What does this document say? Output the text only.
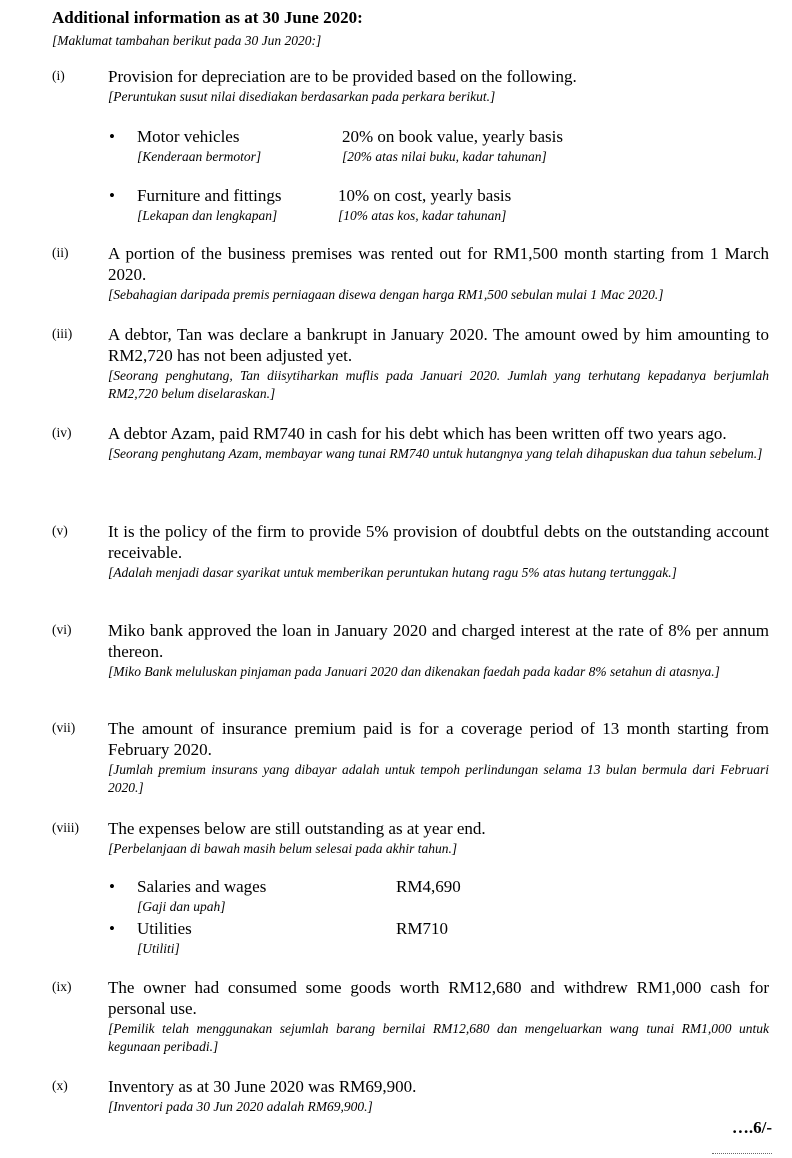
Additional information as at 30 June 2020:
[Maklumat tambahan berikut pada 30 Jun 2020:]
(i)	Provision for depreciation are to be provided based on the following.
[Peruntukan susut nilai disediakan berdasarkan pada perkara berikut.]
• Motor vehicles
[Kenderaan bermotor]
20% on book value, yearly basis
[20% atas nilai buku, kadar tahunan]
• Furniture and fittings
[Lekapan dan lengkapan]
10% on cost, yearly basis
[10% atas kos, kadar tahunan]
(ii)	A portion of the business premises was rented out for RM1,500 month starting from 1 March 2020.
[Sebahagian daripada premis perniagaan disewa dengan harga RM1,500 sebulan mulai 1 Mac 2020.]
(iii)	A debtor, Tan was declare a bankrupt in January 2020. The amount owed by him amounting to RM2,720 has not been adjusted yet.
[Seorang penghutang, Tan diisytiharkan muflis pada Januari 2020. Jumlah yang terhutang kepadanya berjumlah RM2,720 belum diselaraskan.]
(iv)	A debtor Azam, paid RM740 in cash for his debt which has been written off two years ago.
[Seorang penghutang Azam, membayar wang tunai RM740 untuk hutangnya yang telah dihapuskan dua tahun sebelum.]
(v)	It is the policy of the firm to provide 5% provision of doubtful debts on the outstanding account receivable.
[Adalah menjadi dasar syarikat untuk memberikan peruntukan hutang ragu 5% atas hutang tertunggak.]
(vi)	Miko bank approved the loan in January 2020 and charged interest at the rate of 8% per annum thereon.
[Miko Bank meluluskan pinjaman pada Januari 2020 dan dikenakan faedah pada kadar 8% setahun di atasnya.]
(vii)	The amount of insurance premium paid is for a coverage period of 13 month starting from February 2020.
[Jumlah premium insurans yang dibayar adalah untuk tempoh perlindungan selama 13 bulan bermula dari Februari 2020.]
(viii)	The expenses below are still outstanding as at year end.
[Perbelanjaan di bawah masih belum selesai pada akhir tahun.]
• Salaries and wages
[Gaji dan upah]
RM4,690
• Utilities
[Utiliti]
RM710
(ix)	The owner had consumed some goods worth RM12,680 and withdrew RM1,000 cash for personal use.
[Pemilik telah menggunakan sejumlah barang bernilai RM12,680 dan mengeluarkan wang tunai RM1,000 untuk kegunaan peribadi.]
(x)	Inventory as at 30 June 2020 was RM69,900.
[Inventori pada 30 Jun 2020 adalah RM69,900.]
….6/-
